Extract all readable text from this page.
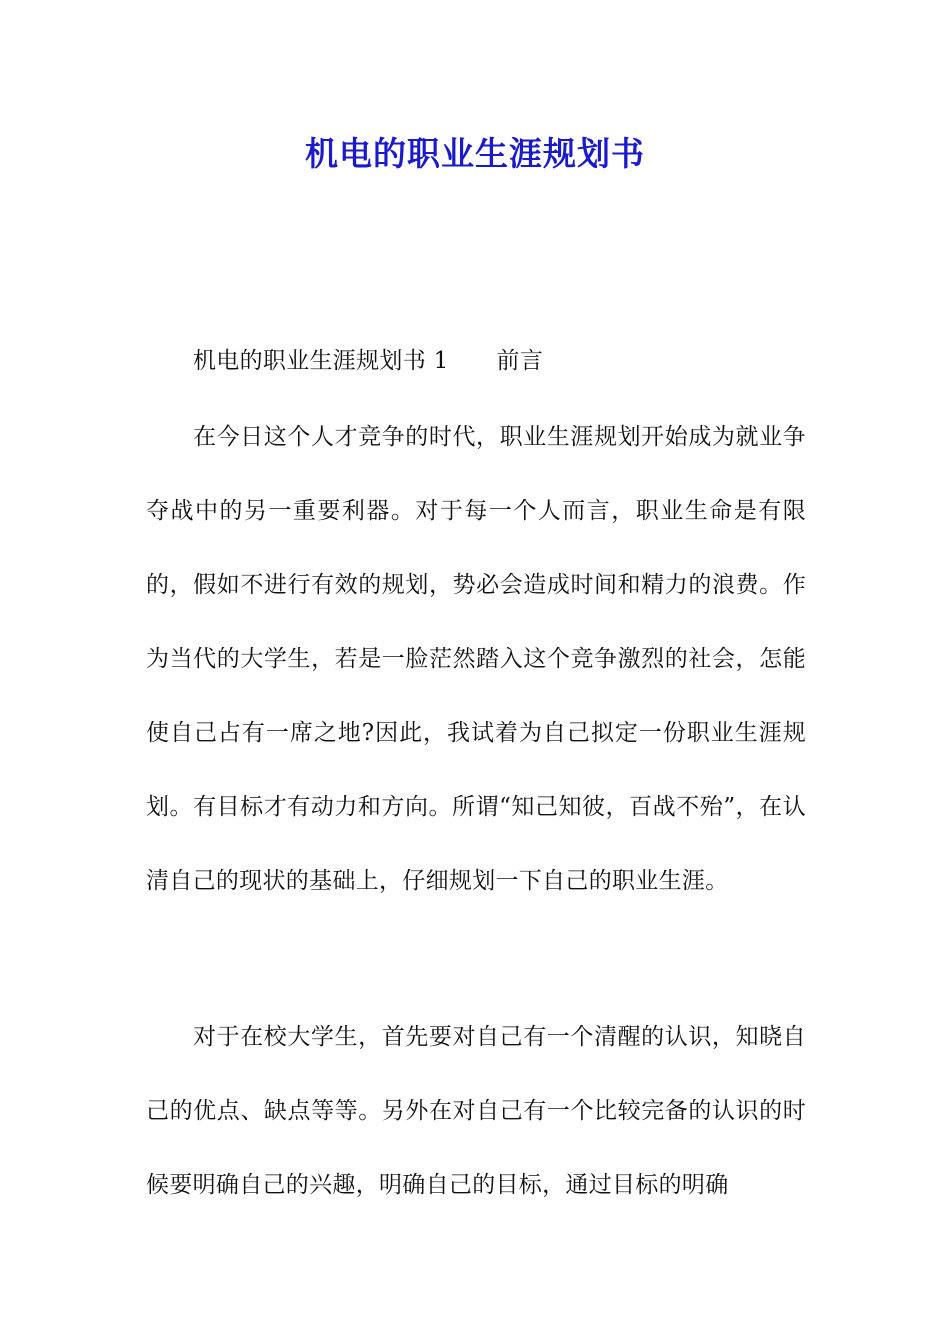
机电的职业生涯规划书
机电的职业生涯规划书 1 前言
在今日这个人才竞争的时代，职业生涯规划开始成为就业争夺战中的另一重要利器。对于每一个人而言，职业生命是有限的，假如不进行有效的规划，势必会造成时间和精力的浪费。作为当代的大学生，若是一脸茫然踏入这个竞争激烈的社会，怎能使自己占有一席之地?因此，我试着为自己拟定一份职业生涯规划。有目标才有动力和方向。所谓“知己知彼，百战不殆”，在认清自己的现状的基础上，仔细规划一下自己的职业生涯。
对于在校大学生，首先要对自己有一个清醒的认识，知晓自己的优点、缺点等等。另外在对自己有一个比较完备的认识的时候要明确自己的兴趣，明确自己的目标，通过目标的明确
